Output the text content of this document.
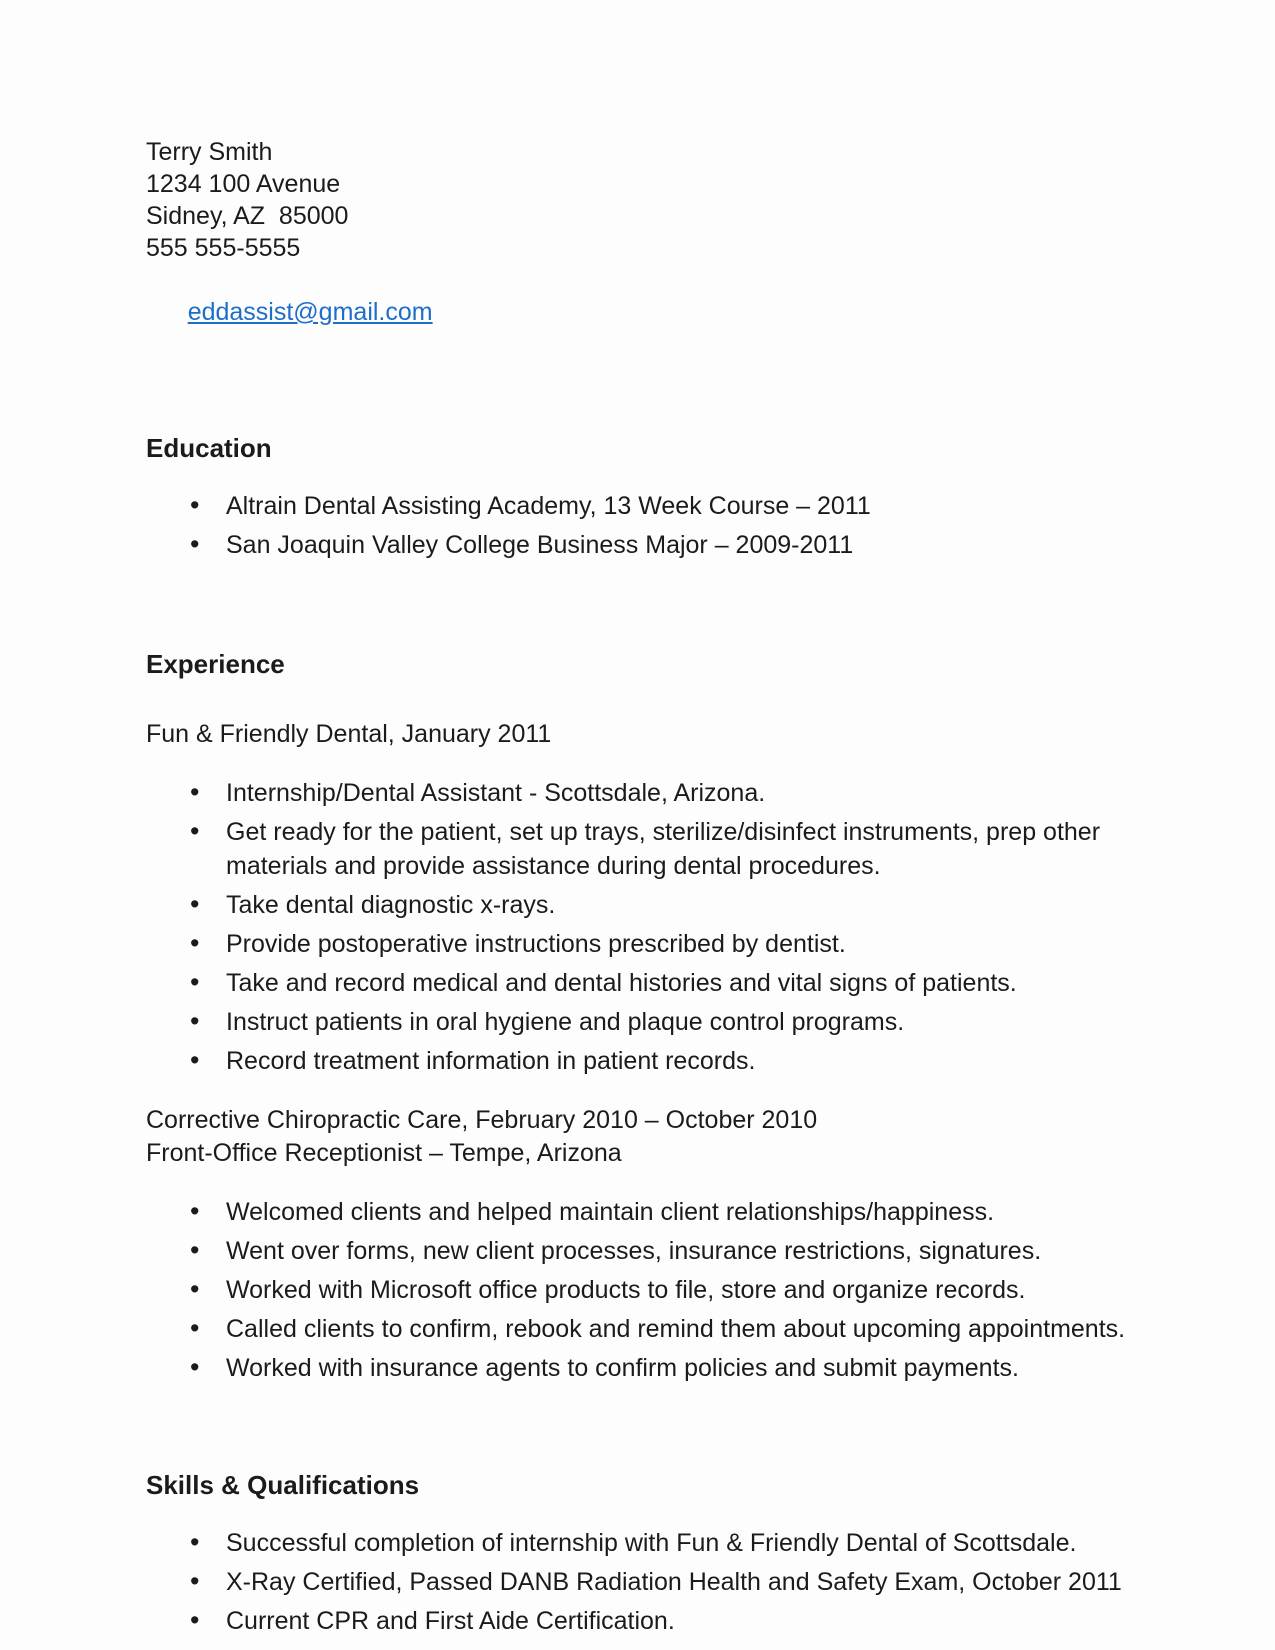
Terry Smith
1234 100 Avenue
Sidney, AZ  85000
555 555-5555

eddassist@gmail.com

Education
• Altrain Dental Assisting Academy, 13 Week Course – 2011
• San Joaquin Valley College Business Major – 2009-2011
Experience
Fun & Friendly Dental, January 2011
• Internship/Dental Assistant - Scottsdale, Arizona.
• Get ready for the patient, set up trays, sterilize/disinfect instruments, prep other materials and provide assistance during dental procedures.
• Take dental diagnostic x-rays.
• Provide postoperative instructions prescribed by dentist.
• Take and record medical and dental histories and vital signs of patients.
• Instruct patients in oral hygiene and plaque control programs.
• Record treatment information in patient records.
Corrective Chiropractic Care, February 2010 – October 2010
Front-Office Receptionist – Tempe, Arizona
• Welcomed clients and helped maintain client relationships/happiness.
• Went over forms, new client processes, insurance restrictions, signatures.
• Worked with Microsoft office products to file, store and organize records.
• Called clients to confirm, rebook and remind them about upcoming appointments.
• Worked with insurance agents to confirm policies and submit payments.
Skills & Qualifications
• Successful completion of internship with Fun & Friendly Dental of Scottsdale.
• X-Ray Certified, Passed DANB Radiation Health and Safety Exam, October 2011
• Current CPR and First Aide Certification.
